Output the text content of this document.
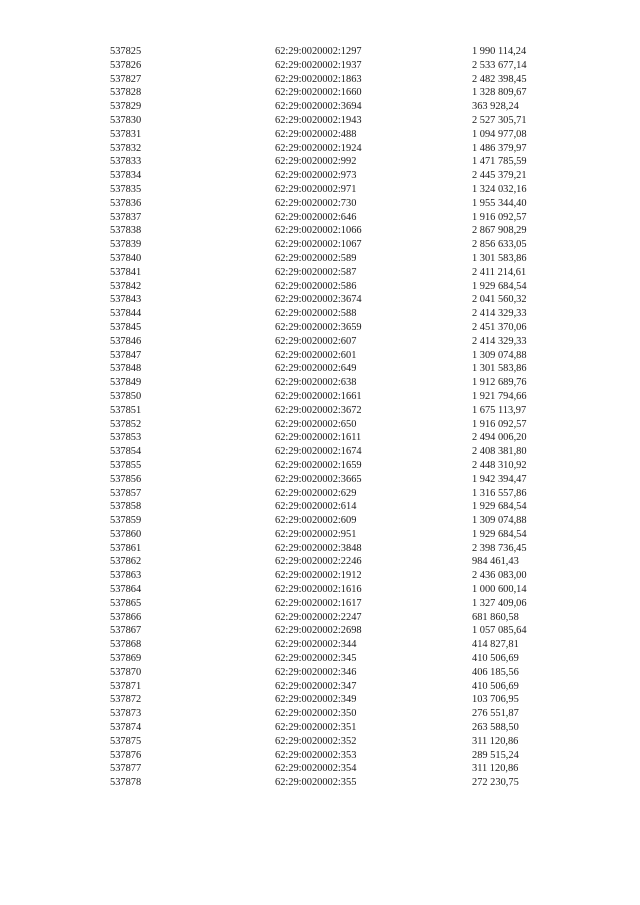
537825	62:29:0020002:1297	1 990 114,24
537826	62:29:0020002:1937	2 533 677,14
537827	62:29:0020002:1863	2 482 398,45
537828	62:29:0020002:1660	1 328 809,67
537829	62:29:0020002:3694	363 928,24
537830	62:29:0020002:1943	2 527 305,71
537831	62:29:0020002:488	1 094 977,08
537832	62:29:0020002:1924	1 486 379,97
537833	62:29:0020002:992	1 471 785,59
537834	62:29:0020002:973	2 445 379,21
537835	62:29:0020002:971	1 324 032,16
537836	62:29:0020002:730	1 955 344,40
537837	62:29:0020002:646	1 916 092,57
537838	62:29:0020002:1066	2 867 908,29
537839	62:29:0020002:1067	2 856 633,05
537840	62:29:0020002:589	1 301 583,86
537841	62:29:0020002:587	2 411 214,61
537842	62:29:0020002:586	1 929 684,54
537843	62:29:0020002:3674	2 041 560,32
537844	62:29:0020002:588	2 414 329,33
537845	62:29:0020002:3659	2 451 370,06
537846	62:29:0020002:607	2 414 329,33
537847	62:29:0020002:601	1 309 074,88
537848	62:29:0020002:649	1 301 583,86
537849	62:29:0020002:638	1 912 689,76
537850	62:29:0020002:1661	1 921 794,66
537851	62:29:0020002:3672	1 675 113,97
537852	62:29:0020002:650	1 916 092,57
537853	62:29:0020002:1611	2 494 006,20
537854	62:29:0020002:1674	2 408 381,80
537855	62:29:0020002:1659	2 448 310,92
537856	62:29:0020002:3665	1 942 394,47
537857	62:29:0020002:629	1 316 557,86
537858	62:29:0020002:614	1 929 684,54
537859	62:29:0020002:609	1 309 074,88
537860	62:29:0020002:951	1 929 684,54
537861	62:29:0020002:3848	2 398 736,45
537862	62:29:0020002:2246	984 461,43
537863	62:29:0020002:1912	2 436 083,00
537864	62:29:0020002:1616	1 000 600,14
537865	62:29:0020002:1617	1 327 409,06
537866	62:29:0020002:2247	681 860,58
537867	62:29:0020002:2698	1 057 085,64
537868	62:29:0020002:344	414 827,81
537869	62:29:0020002:345	410 506,69
537870	62:29:0020002:346	406 185,56
537871	62:29:0020002:347	410 506,69
537872	62:29:0020002:349	103 706,95
537873	62:29:0020002:350	276 551,87
537874	62:29:0020002:351	263 588,50
537875	62:29:0020002:352	311 120,86
537876	62:29:0020002:353	289 515,24
537877	62:29:0020002:354	311 120,86
537878	62:29:0020002:355	272 230,75
